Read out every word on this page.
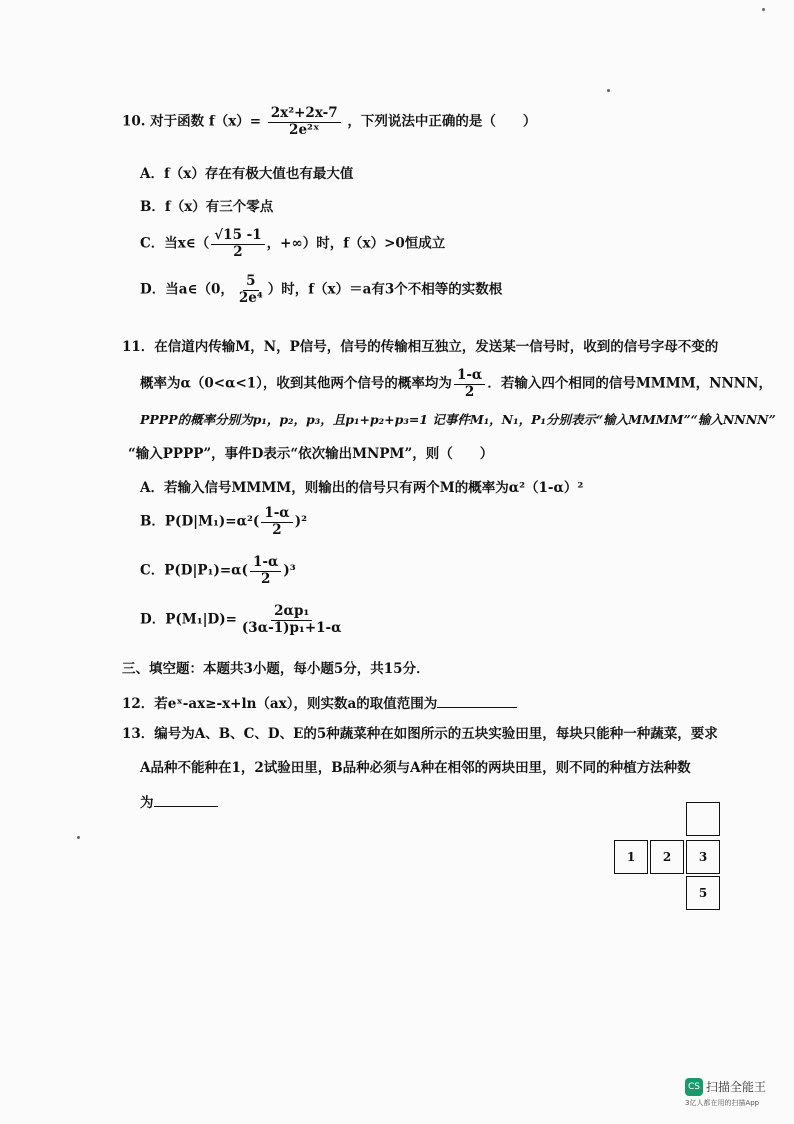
10. 对于函数 $f(x)= \frac{\text{2x²+2x-7}}{\text{2e²ˣ}}$ ，下列说法中正确的是（　　）
A．f（x）存在有极大值也有最大值
B．f（x）有三个零点
C．当x∈（ $\frac{√15 -1}{2}$ ，+∞）时，f（x）>0恒成立
D．当a∈（0， $\frac{5}{\text{2e⁴}}$ ）时，f（x）＝a有3个不相等的实数根
11．在信道内传输M，N，P信号，信号的传输相互独立，发送某一信号时，收到的信号字母不变的
概率为α（0<α<1），收到其他两个信号的概率均为 $\frac{1-\alpha}{2}$ ．若输入四个相同的信号MMMM，NNNN，
PPPP的概率分别为p₁，p₂，p₃，且p₁+p₂+p₃=1 记事件M₁，N₁，P₁分别表示“输入MMMM”“输入NNNN”
“输入PPPP”，事件D表示“依次输出MNPM”，则（　　）
A．若输入信号MMMM，则输出的信号只有两个M的概率为α²（1-α）²
B．$P(D|M_1)=\alpha^2( \frac{1-\alpha}{2} )^2$
C．$P(D|P_1)=\alpha( \frac{1-\alpha}{2} )^3$
D．$P(M_1|D)= \frac{\text{2αp₁}}{\text{(3α-1)p₁+1-α}}$
三、填空题：本题共3小题，每小题5分，共15分．
12．若eˣ-ax≥-x+ln（ax），则实数a的取值范围为
13．编号为A、B、C、D、E的5种蔬菜种在如图所示的五块实验田里，每块只能种一种蔬菜，要求
A品种不能种在1，2试验田里，B品种必须与A种在相邻的两块田里，则不同的种植方法种数
为
1	2	3
5
CS 扫描全能王
3亿人都在用的扫描App
